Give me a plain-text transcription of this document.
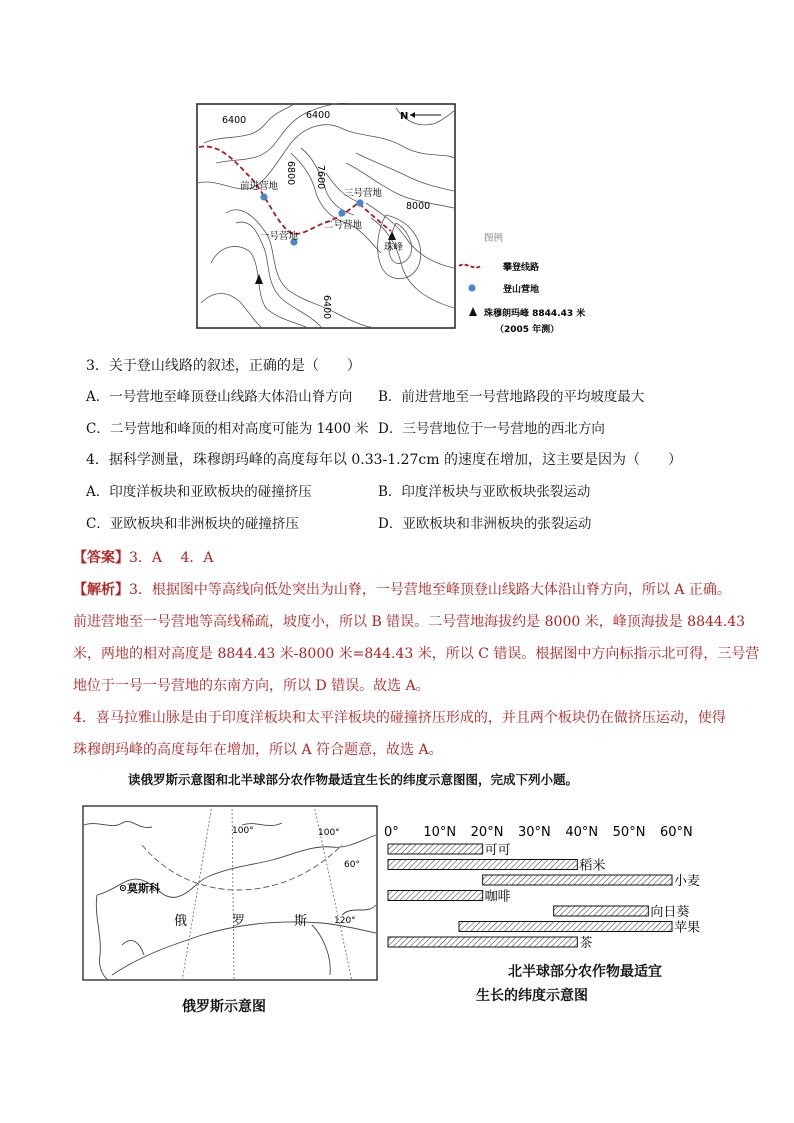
N
6400	6400
6800 7600
8000
6400
前进营地
一号营地
二号营地
三号营地
珠峰
图例
攀登线路
登山营地
珠穆朗玛峰 8844.43 米
（2005 年测）
3．关于登山线路的叙述，正确的是（　　）
A．一号营地至峰顶登山线路大体沿山脊方向 B．前进营地至一号营地路段的平均坡度最大
C．二号营地和峰顶的相对高度可能为 1400 米 D．三号营地位于一号营地的西北方向
4．据科学测量，珠穆朗玛峰的高度每年以 0.33-1.27cm 的速度在增加，这主要是因为（　　）
A．印度洋板块和亚欧板块的碰撞挤压	B．印度洋板块与亚欧板块张裂运动
C．亚欧板块和非洲板块的碰撞挤压	D．亚欧板块和非洲板块的张裂运动
【答案】3．A　 4．A
【解析】3．根据图中等高线向低处突出为山脊，一号营地至峰顶登山线路大体沿山脊方向，所以 A 正确。
前进营地至一号营地等高线稀疏，坡度小，所以 B 错误。二号营地海拔约是 8000 米，峰顶海拔是 8844.43
米，两地的相对高度是 8844.43 米-8000 米=844.43 米，所以 C 错误。根据图中方向标指示北可得，三号营
地位于一号一号营地的东南方向，所以 D 错误。故选 A。
4．喜马拉雅山脉是由于印度洋板块和太平洋板块的碰撞挤压形成的，并且两个板块仍在做挤压运动，使得
珠穆朗玛峰的高度每年在增加，所以 A 符合题意，故选 A。
读俄罗斯示意图和北半球部分农作物最适宜生长的纬度示意图图，完成下列小题。
莫斯科
俄	罗	斯
100°	100°
120°
60°
俄罗斯示意图
0° 10°N 20°N 30°N 40°N 50°N 60°N
可可
稻米
小麦
咖啡
向日葵
苹果
茶
北半球部分农作物最适宜
生长的纬度示意图
